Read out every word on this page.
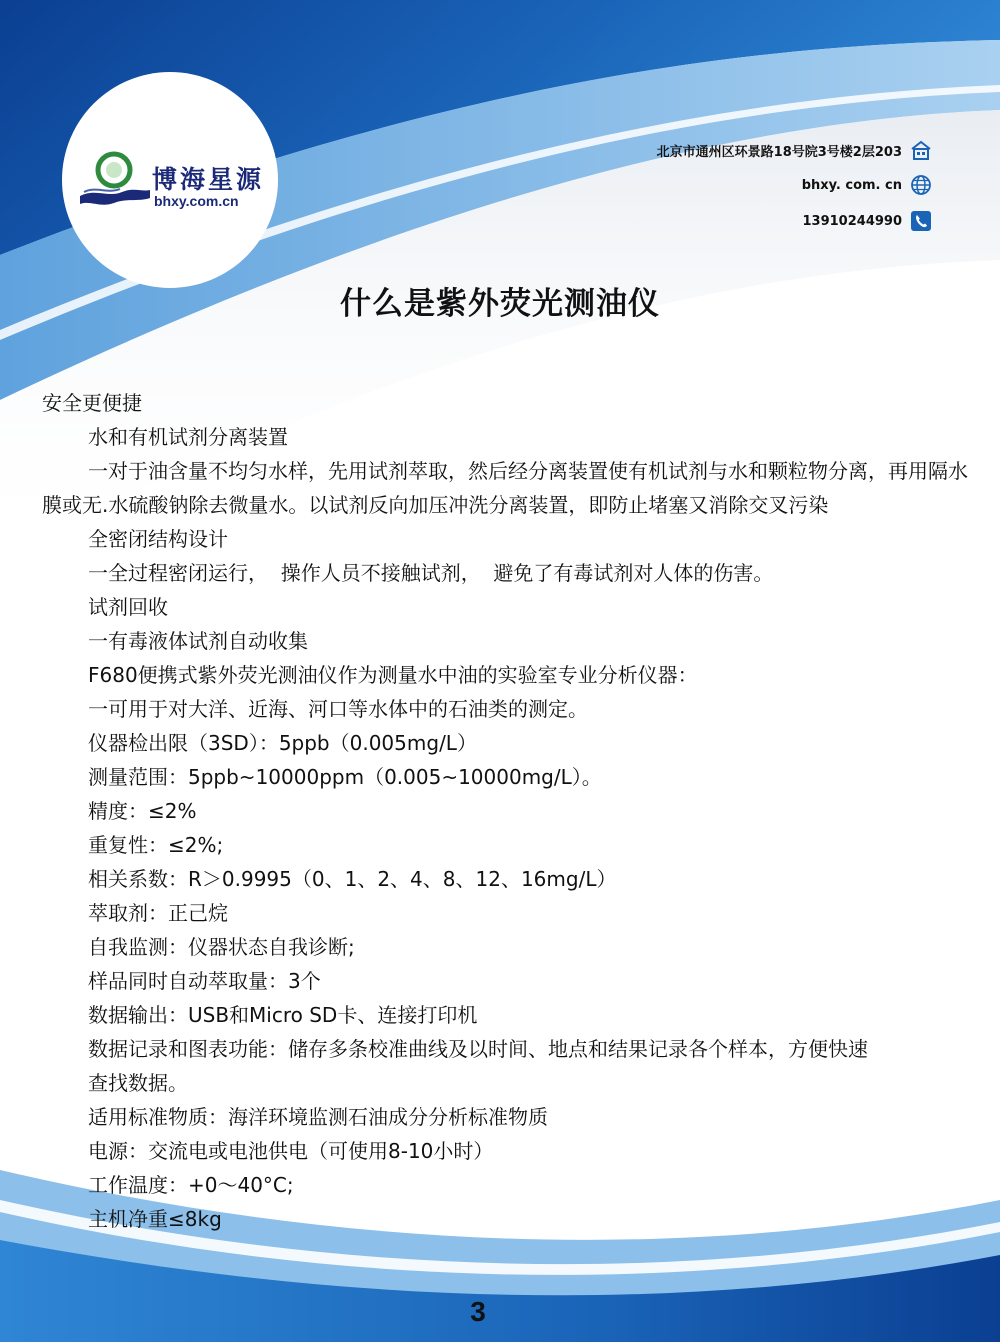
博海星源
bhxy.com.cn
北京市通州区环景路18号院3号楼2层203
bhxy. com. cn
13910244990
什么是紫外荧光测油仪

安全更便捷

水和有机试剂分离装置

一对于油含量不均匀水样，先用试剂萃取，然后经分离装置使有机试剂与水和颗粒物分离，再用隔水膜或无.水硫酸钠除去微量水。以试剂反向加压冲洗分离装置，即防止堵塞又消除交叉污染

全密闭结构设计

一全过程密闭运行，  操作人员不接触试剂，  避免了有毒试剂对人体的伤害。

试剂回收

一有毒液体试剂自动收集

F680便携式紫外荧光测油仪作为测量水中油的实验室专业分析仪器：

一可用于对大洋、近海、河口等水体中的石油类的测定。

仪器检出限（3SD）：5ppb（0.005mg/L）

测量范围：5ppb~10000ppm（0.005~10000mg/L）。

精度：≤2%

重复性：≤2%;

相关系数：R＞0.9995（0、1、2、4、8、12、16mg/L）

萃取剂：正己烷

自我监测：仪器状态自我诊断;

样品同时自动萃取量：3个

数据输出：USB和Micro SD卡、连接打印机

数据记录和图表功能：储存多条校准曲线及以时间、地点和结果记录各个样本，方便快速

查找数据。

适用标准物质：海洋环境监测石油成分分析标准物质

电源：交流电或电池供电（可使用8-10小时）

工作温度：+0～40°C;

主机净重≤8kg

3
